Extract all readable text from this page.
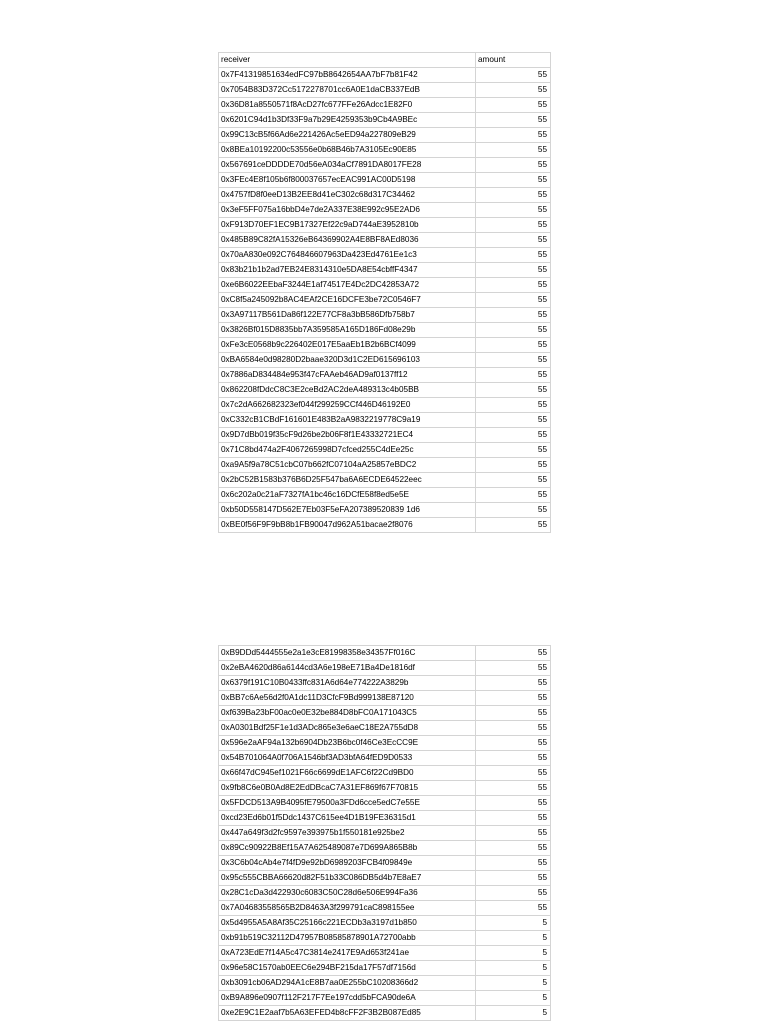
receiver	amount
0x7F41319851634edFC97bB8642654AA7bF7b81F42	55
0x7054B83D372Cc5172278701cc6A0E1daCB337EdB	55
0x36D81a8550571f8AcD27fc677FFe26Adcc1E82F0	55
0x6201C94d1b3Df33F9a7b29E4259353b9Cb4A9BEc	55
0x99C13cB5f66Ad6e221426Ac5eED94a227809eB29	55
0x8BEa10192200c53556e0b68B46b7A3105Ec90E85	55
0x567691ceDDDDE70d56eA034aCf7891DA8017FE28	55
0x3FEc4E8f105b6f800037657ecEAC991AC00D5198	55
0x4757fD8f0eeD13B2EE8d41eC302c68d317C34462	55
0x3eF5FF075a16bbD4e7de2A337E38E992c95E2AD6	55
0xF913D70EF1EC9B17327Ef22c9aD744aE3952810b	55
0x485B89C82fA15326eB64369902A4E8BF8AEd8036	55
0x70aA830e092C764846607963Da423Ed4761Ee1c3	55
0x83b21b1b2ad7EB24E8314310e5DA8E54cbffF4347	55
0xe6B6022EEbaF3244E1af74517E4Dc2DC42853A72	55
0xC8f5a245092b8AC4EAf2CE16DCFE3be72C0546F7	55
0x3A97117B561Da86f122E77CF8a3bB586Dfb758b7	55
0x3826Bf015D8835bb7A359585A165D186Fd08e29b	55
0xFe3cE0568b9c226402E017E5aaEb1B2b6BCf4099	55
0xBA6584e0d98280D2baae320D3d1C2ED615696103	55
0x7886aD834484e953f47cFAAeb46AD9af0137ff12	55
0x862208fDdcC8C3E2ceBd2AC2deA489313c4b05BB	55
0x7c2dA662682323ef044f299259CCf446D46192E0	55
0xC332cB1CBdF161601E483B2aA9832219778C9a19	55
0x9D7dBb019f35cF9d26be2b06F8f1E43332721EC4	55
0x71C8bd474a2F4067265998D7cfced255C4dEe25c	55
0xa9A5f9a78C51cbC07b662fC07104aA25857eBDC2	55
0x2bC52B1583b376B6D25F547ba6A6ECDE64522eec	55
0x6c202a0c21aF7327fA1bc46c16DCfE58f8ed5e5E	55
0xb50D558147D562E7Eb03F5eFA207389520839 1d6	55
0xBE0f56F9F9bB8b1FB90047d962A51bacae2f8076	55
0xB9DDd5444555e2a1e3cE81998358e34357Ff016C	55
0x2eBA4620d86a6144cd3A6e198eE71Ba4De1816df	55
0x6379f191C10B0433ffc831A6d64e774222A3829b	55
0xBB7c6Ae56d2f0A1dc11D3CfcF9Bd999138E87120	55
0xf639Ba23bF00ac0e0E32be884D8bFC0A171043C5	55
0xA0301Bdf25F1e1d3ADc865e3e6aeC18E2A755dD8	55
0x596e2aAF94a132b6904Db23B6bc0f46Ce3EcCC9E	55
0x54B701064A0f706A1546bf3AD3bfA64fED9D0533	55
0x66f47dC945ef1021F66c6699dE1AFC6f22Cd9BD0	55
0x9fb8C6e0B0Ad8E2EdDBcaC7A31EF869f67F70815	55
0x5FDCD513A9B4095fE79500a3FDd6cce5edC7e55E	55
0xcd23Ed6b01f5Ddc1437C615ee4D1B19FE36315d1	55
0x447a649f3d2fc9597e393975b1f550181e925be2	55
0x89Cc90922B8Ef15A7A625489087e7D699A865B8b	55
0x3C6b04cAb4e7f4fD9e92bD6989203FCB4f09849e	55
0x95c555CBBA66620d82F51b33C086DB5d4b7E8aE7	55
0x28C1cDa3d422930c6083C50C28d6e506E994Fa36	55
0x7A04683558565B2D8463A3f299791caC898155ee	55
0x5d4955A5A8Af35C25166c221ECDb3a3197d1b850	5
0xb91b519C32112D47957B08585878901A72700abb	5
0xA723EdE7f14A5c47C3814e2417E9Ad653f241ae	5
0x96e58C1570ab0EEC6e294BF215da17F57df7156d	5
0xb3091cb06AD294A1cE8B7aa0E255bC10208366d2	5
0xB9A896e0907f112F217F7Ee197cdd5bFCA90de6A	5
0xe2E9C1E2aaf7b5A63EFED4b8cFF2F3B2B087Ed85	5
